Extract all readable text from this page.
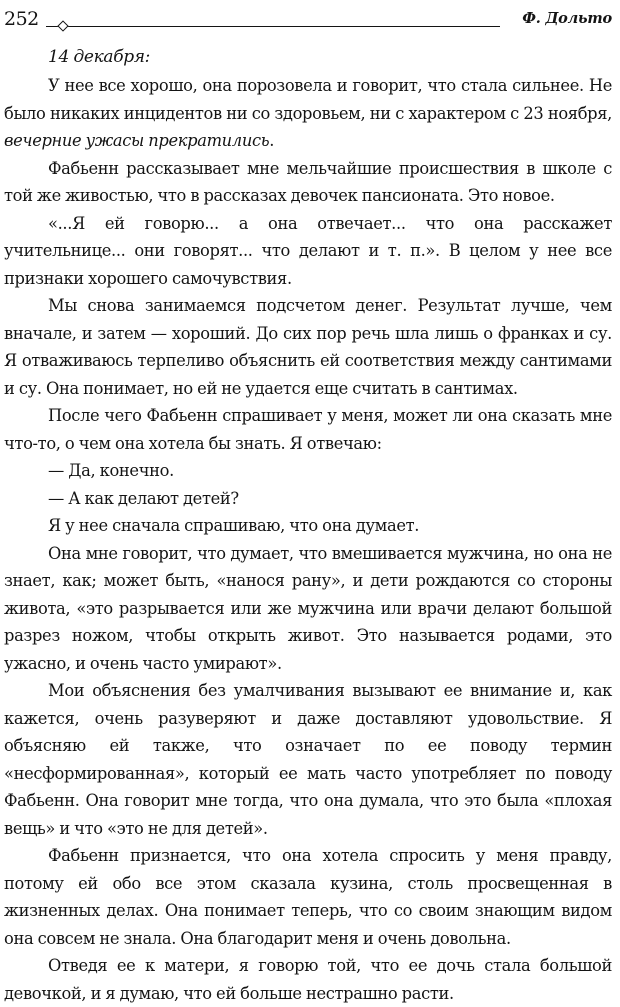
252	Ф. Дольто

14 декабря:

У нее все хорошо, она порозовела и говорит, что стала сильнее. Не было никаких инцидентов ни со здоровьем, ни с характером с 23 ноября, вечерние ужасы прекратились.

Фабьенн рассказывает мне мельчайшие происшествия в школе с той же живостью, что в рассказах девочек пансионата. Это новое.

«...Я ей говорю... а она отвечает... что она расскажет учительнице... они говорят... что делают и т. п.». В целом у нее все признаки хорошего самочувствия.

Мы снова занимаемся подсчетом денег. Результат лучше, чем вначале, и затем — хороший. До сих пор речь шла лишь о франках и су. Я отваживаюсь терпеливо объяснить ей соответствия между сантимами и су. Она понимает, но ей не удается еще считать в сантимах.

После чего Фабьенн спрашивает у меня, может ли она сказать мне что-то, о чем она хотела бы знать. Я отвечаю:

— Да, конечно.

— А как делают детей?

Я у нее сначала спрашиваю, что она думает.

Она мне говорит, что думает, что вмешивается мужчина, но она не знает, как; может быть, «нанося рану», и дети рождаются со стороны живота, «это разрывается или же мужчина или врачи делают большой разрез ножом, чтобы открыть живот. Это называется родами, это ужасно, и очень часто умирают».

Мои объяснения без умалчивания вызывают ее внимание и, как кажется, очень разуверяют и даже доставляют удовольствие. Я объясняю ей также, что означает по ее поводу термин «несформированная», который ее мать часто употребляет по поводу Фабьенн. Она говорит мне тогда, что она думала, что это была «плохая вещь» и что «это не для детей».

Фабьенн признается, что она хотела спросить у меня правду, потому ей обо все этом сказала кузина, столь просвещенная в жизненных делах. Она понимает теперь, что со своим знающим видом она совсем не знала. Она благодарит меня и очень довольна.

Отведя ее к матери, я говорю той, что ее дочь стала большой девочкой, и я думаю, что ей больше нестрашно расти.
